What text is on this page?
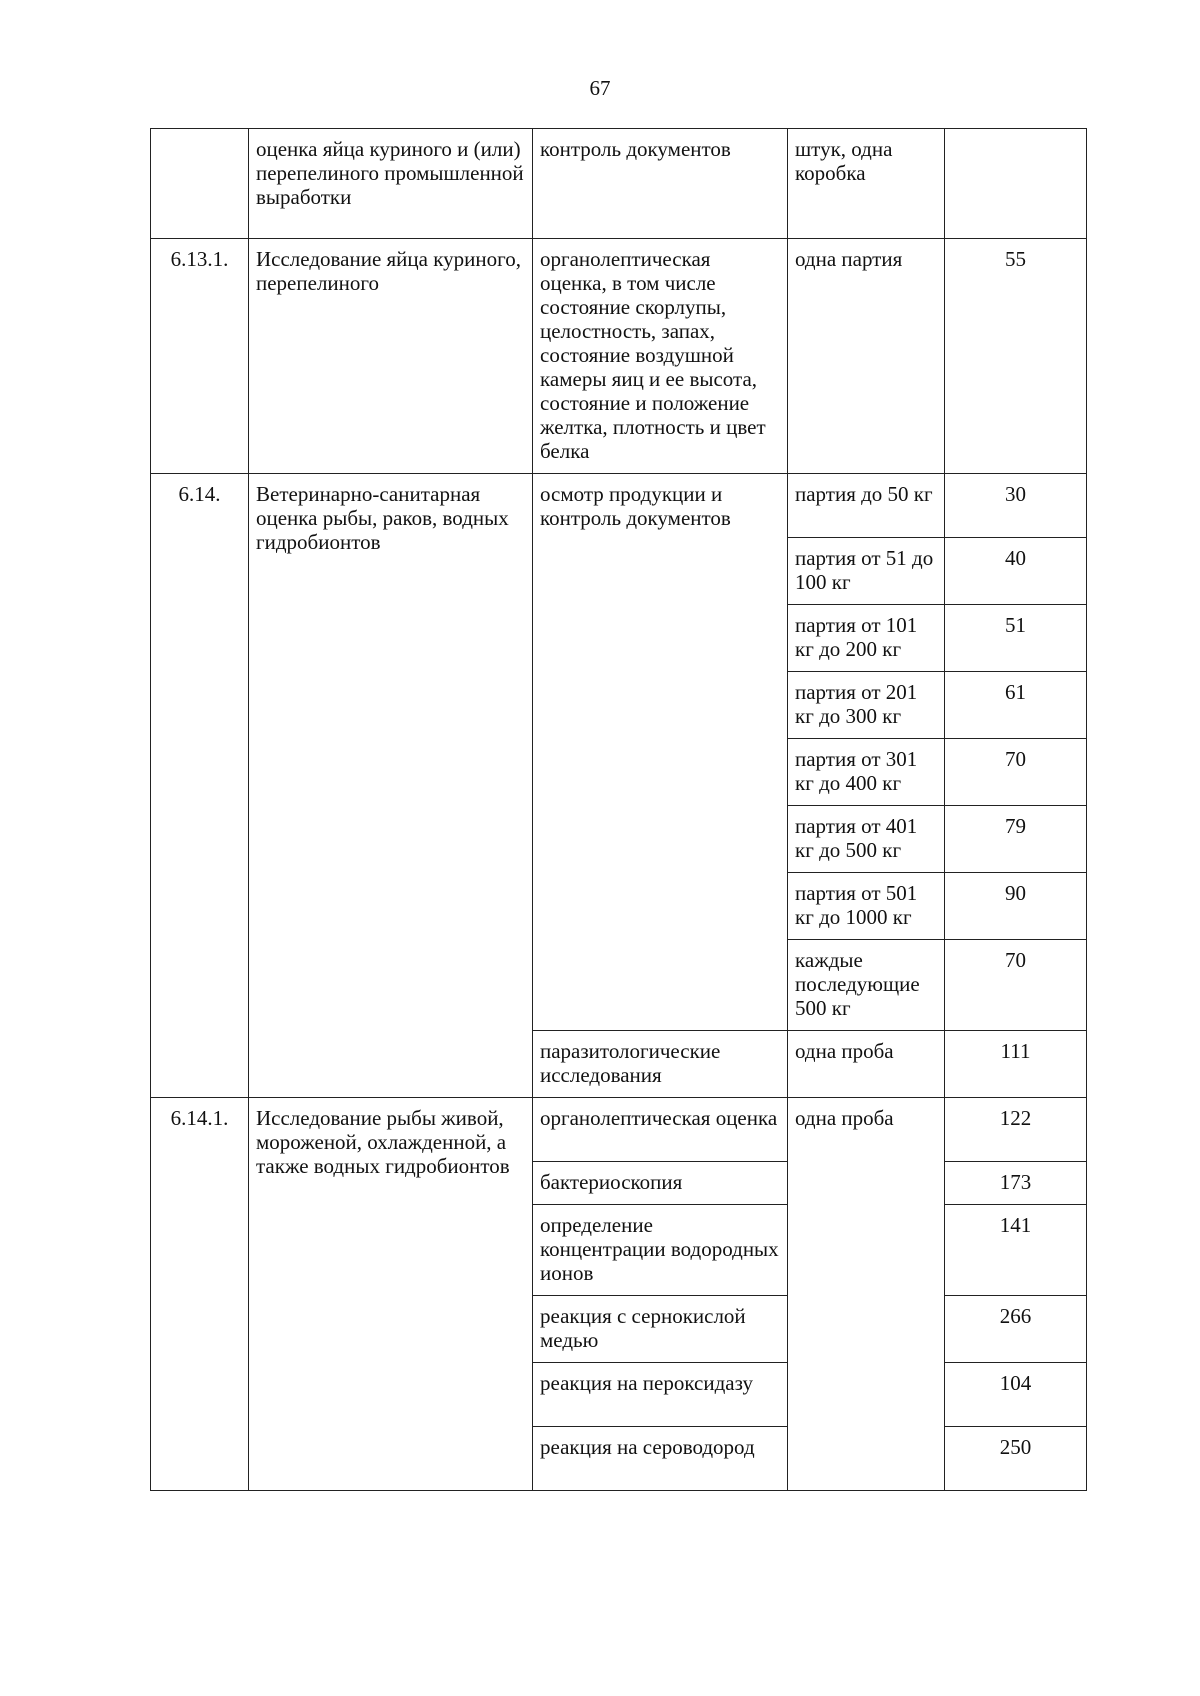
67
	оценка яйца куриного и (или) перепелиного промышленной выработки	контроль документов	штук, одна коробка	
6.13.1.	Исследование яйца куриного, перепелиного	органолептическая оценка, в том числе состояние скорлупы, целостность, запах, состояние воздушной камеры яиц и ее высота, состояние и положение желтка, плотность и цвет белка	одна партия	55
6.14.	Ветеринарно-санитарная оценка рыбы, раков, водных гидробионтов	осмотр продукции и контроль документов	партия до 50 кг	30
			партия от 51 до 100 кг	40
			партия от 101 кг до 200 кг	51
			партия от 201 кг до 300 кг	61
			партия от 301 кг до 400 кг	70
			партия от 401 кг до 500 кг	79
			партия от 501 кг до 1000 кг	90
			каждые последующие 500 кг	70
		паразитологические исследования	одна проба	111
6.14.1.	Исследование рыбы живой, мороженой, охлажденной, а также водных гидробионтов	органолептическая оценка	одна проба	122
		бактериоскопия		173
		определение концентрации водородных ионов		141
		реакция с сернокислой медью		266
		реакция на пероксидазу		104
		реакция на сероводород		250
